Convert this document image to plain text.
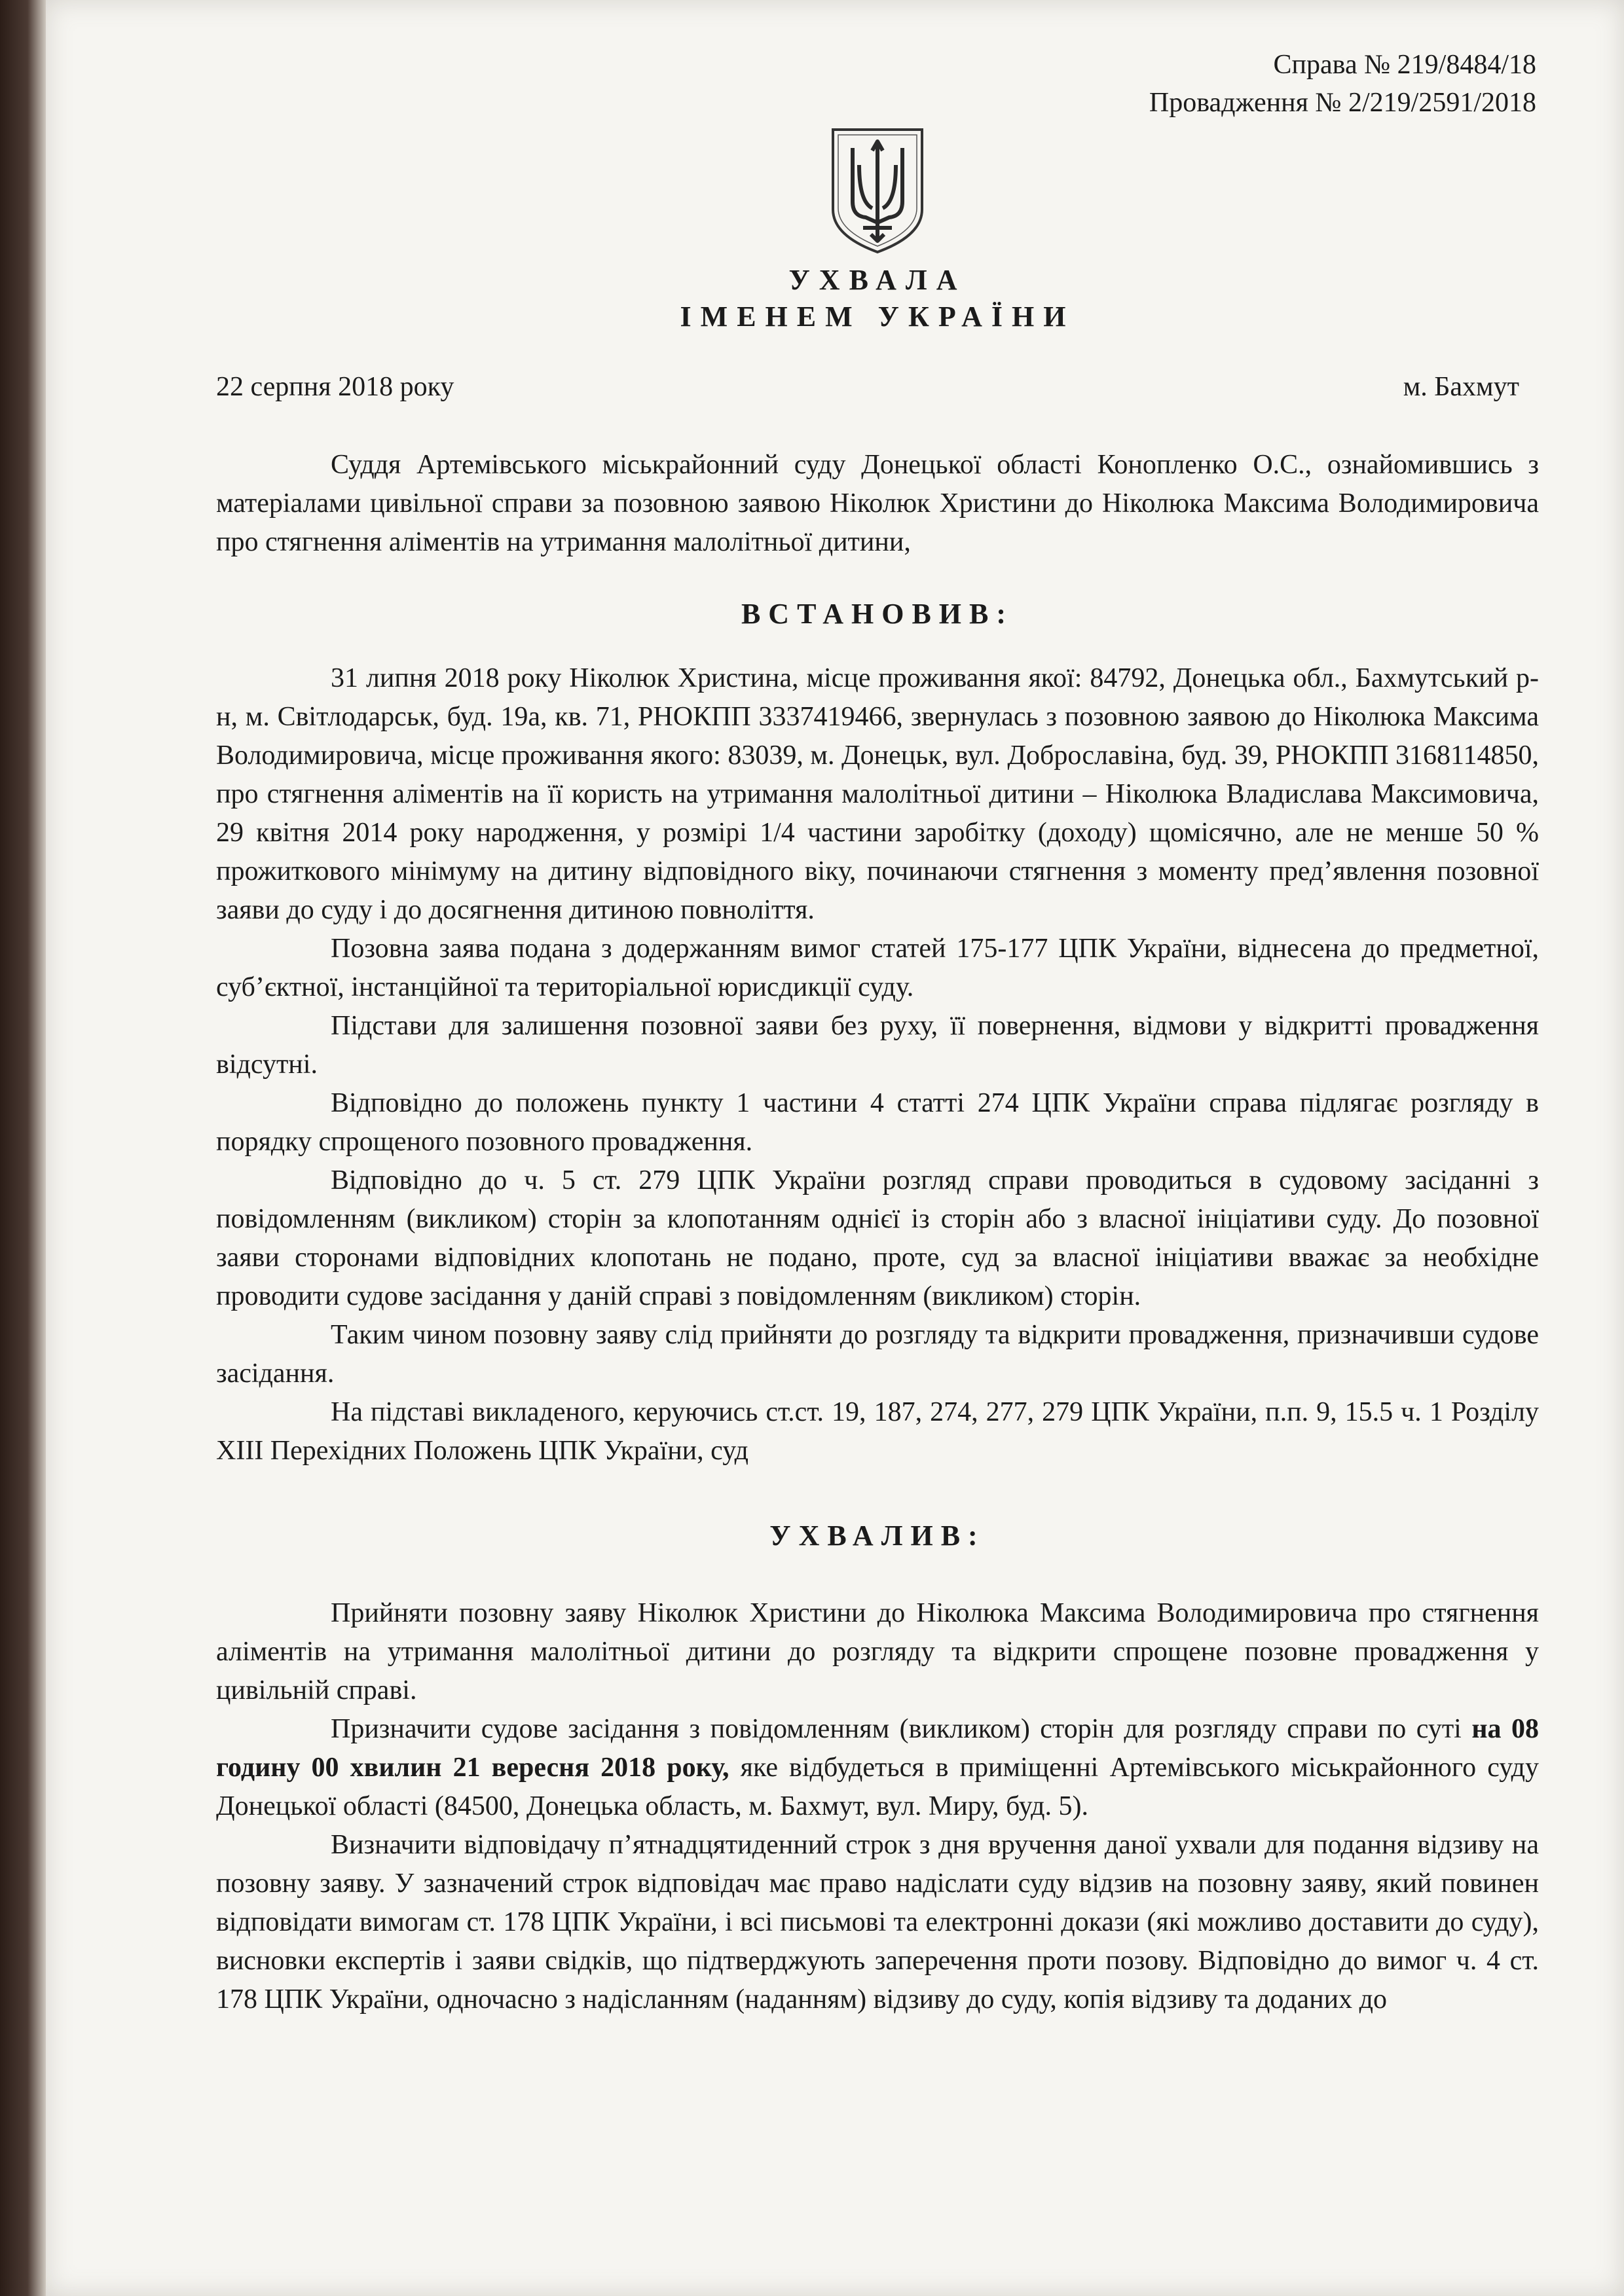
Справа № 219/8484/18
Провадження № 2/219/2591/2018
УХВАЛА
ІМЕНЕМ УКРАЇНИ
22 серпня 2018 року	м. Бахмут

Суддя Артемівського міськрайонний суду Донецької області Конопленко О.С., ознайомившись з матеріалами цивільної справи за позовною заявою Ніколюк Христини до Ніколюка Максима Володимировича про стягнення аліментів на утримання малолітньої дитини,

ВСТАНОВИВ:

31 липня 2018 року Ніколюк Христина, місце проживання якої: 84792, Донецька обл., Бахмутський р-н, м. Світлодарськ, буд. 19а, кв. 71, РНОКПП 3337419466, звернулась з позовною заявою до Ніколюка Максима Володимировича, місце проживання якого: 83039, м. Донецьк, вул. Доброславіна, буд. 39, РНОКПП 3168114850, про стягнення аліментів на її користь на утримання малолітньої дитини – Ніколюка Владислава Максимовича, 29 квітня 2014 року народження, у розмірі 1/4 частини заробітку (доходу) щомісячно, але не менше 50 % прожиткового мінімуму на дитину відповідного віку, починаючи стягнення з моменту пред’явлення позовної заяви до суду і до досягнення дитиною повноліття.

Позовна заява подана з додержанням вимог статей 175-177 ЦПК України, віднесена до предметної, суб’єктної, інстанційної та територіальної юрисдикції суду.

Підстави для залишення позовної заяви без руху, її повернення, відмови у відкритті провадження відсутні.

Відповідно до положень пункту 1 частини 4 статті 274 ЦПК України справа підлягає розгляду в порядку спрощеного позовного провадження.

Відповідно до ч. 5 ст. 279 ЦПК України розгляд справи проводиться в судовому засіданні з повідомленням (викликом) сторін за клопотанням однієї із сторін або з власної ініціативи суду. До позовної заяви сторонами відповідних клопотань не подано, проте, суд за власної ініціативи вважає за необхідне проводити судове засідання у даній справі з повідомленням (викликом) сторін.

Таким чином позовну заяву слід прийняти до розгляду та відкрити провадження, призначивши судове засідання.

На підставі викладеного, керуючись ст.ст. 19, 187, 274, 277, 279 ЦПК України, п.п. 9, 15.5 ч. 1 Розділу XIII Перехідних Положень ЦПК України, суд

УХВАЛИВ:

Прийняти позовну заяву Ніколюк Христини до Ніколюка Максима Володимировича про стягнення аліментів на утримання малолітньої дитини до розгляду та відкрити спрощене позовне провадження у цивільній справі.

Призначити судове засідання з повідомленням (викликом) сторін для розгляду справи по суті на 08 годину 00 хвилин 21 вересня 2018 року, яке відбудеться в приміщенні Артемівського міськрайонного суду Донецької області (84500, Донецька область, м. Бахмут, вул. Миру, буд. 5).

Визначити відповідачу п’ятнадцятиденний строк з дня вручення даної ухвали для подання відзиву на позовну заяву. У зазначений строк відповідач має право надіслати суду відзив на позовну заяву, який повинен відповідати вимогам ст. 178 ЦПК України, і всі письмові та електронні докази (які можливо доставити до суду), висновки експертів і заяви свідків, що підтверджують заперечення проти позову. Відповідно до вимог ч. 4 ст. 178 ЦПК України, одночасно з надісланням (наданням) відзиву до суду, копія відзиву та доданих до
